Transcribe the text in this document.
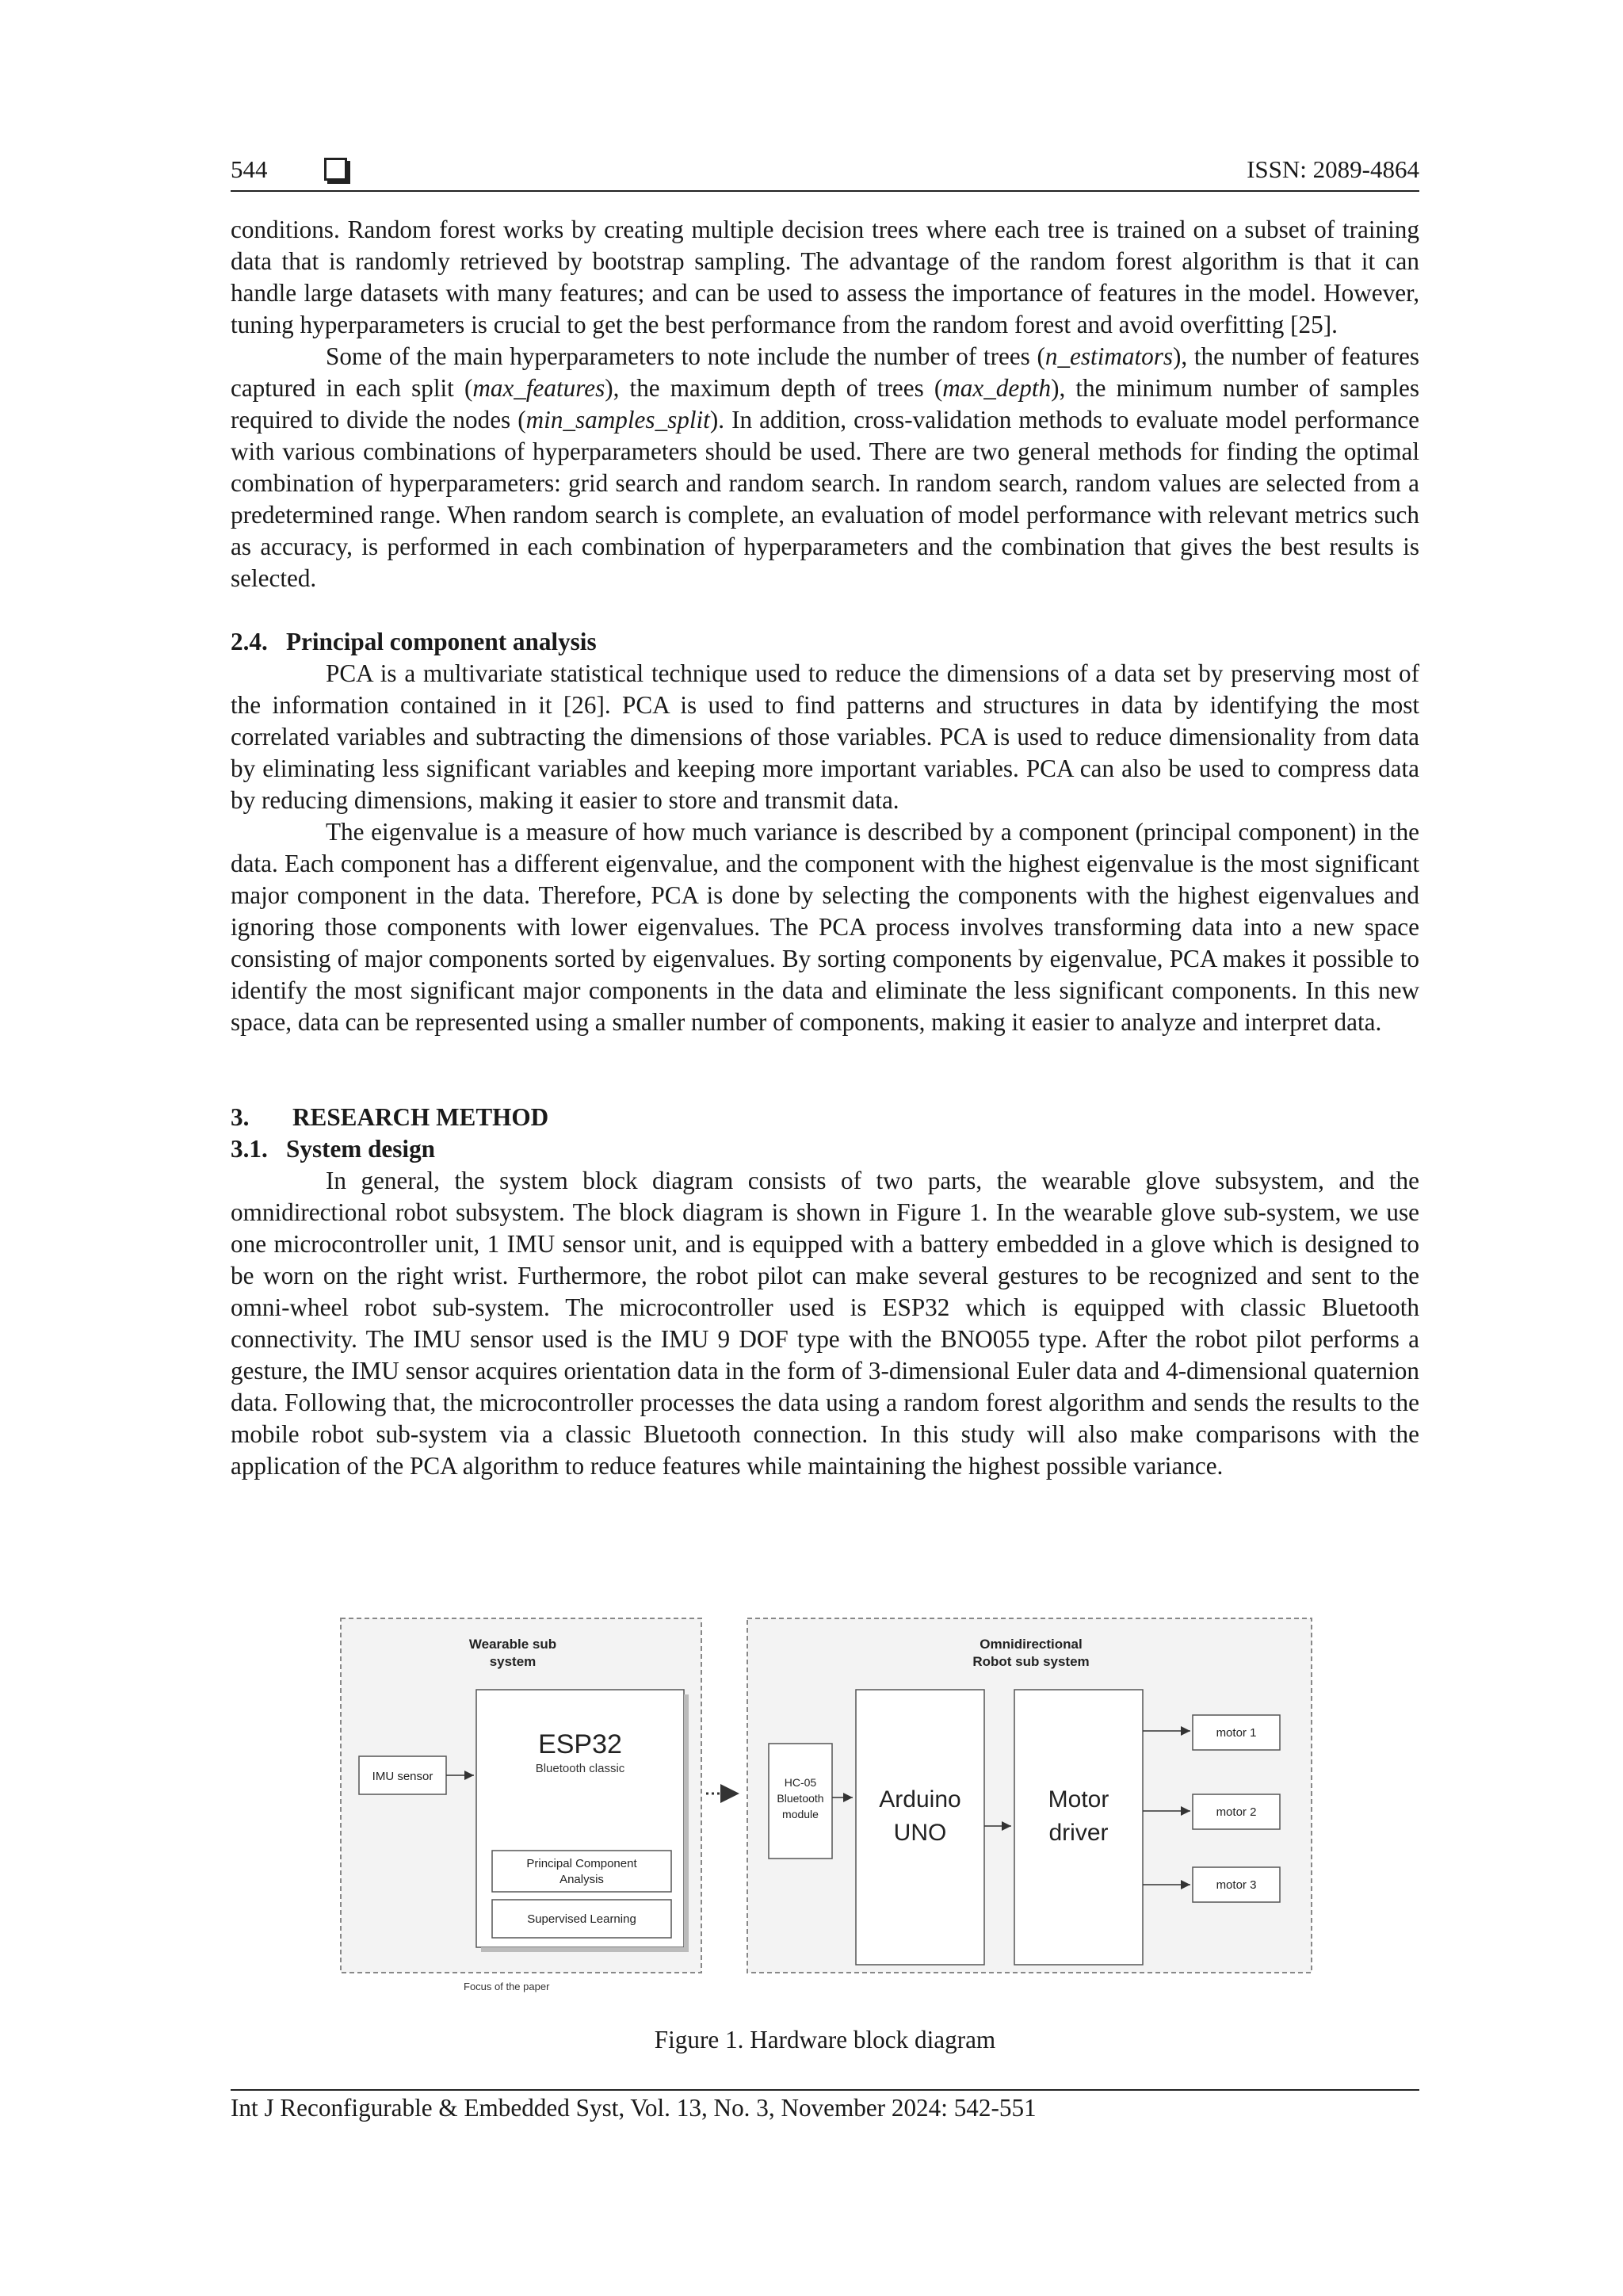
544	ISSN: 2089-4864

conditions. Random forest works by creating multiple decision trees where each tree is trained on a subset of training data that is randomly retrieved by bootstrap sampling. The advantage of the random forest algorithm is that it can handle large datasets with many features; and can be used to assess the importance of features in the model. However, tuning hyperparameters is crucial to get the best performance from the random forest and avoid overfitting [25].

Some of the main hyperparameters to note include the number of trees (n_estimators), the number of features captured in each split (max_features), the maximum depth of trees (max_depth), the minimum number of samples required to divide the nodes (min_samples_split). In addition, cross-validation methods to evaluate model performance with various combinations of hyperparameters should be used. There are two general methods for finding the optimal combination of hyperparameters: grid search and random search. In random search, random values are selected from a predetermined range. When random search is complete, an evaluation of model performance with relevant metrics such as accuracy, is performed in each combination of hyperparameters and the combination that gives the best results is selected.

2.4. Principal component analysis

PCA is a multivariate statistical technique used to reduce the dimensions of a data set by preserving most of the information contained in it [26]. PCA is used to find patterns and structures in data by identifying the most correlated variables and subtracting the dimensions of those variables. PCA is used to reduce dimensionality from data by eliminating less significant variables and keeping more important variables. PCA can also be used to compress data by reducing dimensions, making it easier to store and transmit data.

The eigenvalue is a measure of how much variance is described by a component (principal component) in the data. Each component has a different eigenvalue, and the component with the highest eigenvalue is the most significant major component in the data. Therefore, PCA is done by selecting the components with the highest eigenvalues and ignoring those components with lower eigenvalues. The PCA process involves transforming data into a new space consisting of major components sorted by eigenvalues. By sorting components by eigenvalue, PCA makes it possible to identify the most significant major components in the data and eliminate the less significant components. In this new space, data can be represented using a smaller number of components, making it easier to analyze and interpret data.

3. RESEARCH METHOD

3.1. System design

In general, the system block diagram consists of two parts, the wearable glove subsystem, and the omnidirectional robot subsystem. The block diagram is shown in Figure 1. In the wearable glove sub-system, we use one microcontroller unit, 1 IMU sensor unit, and is equipped with a battery embedded in a glove which is designed to be worn on the right wrist. Furthermore, the robot pilot can make several gestures to be recognized and sent to the omni-wheel robot sub-system. The microcontroller used is ESP32 which is equipped with classic Bluetooth connectivity. The IMU sensor used is the IMU 9 DOF type with the BNO055 type. After the robot pilot performs a gesture, the IMU sensor acquires orientation data in the form of 3-dimensional Euler data and 4-dimensional quaternion data. Following that, the microcontroller processes the data using a random forest algorithm and sends the results to the mobile robot sub-system via a classic Bluetooth connection. In this study will also make comparisons with the application of the PCA algorithm to reduce features while maintaining the highest possible variance.

Wearable sub
system
IMU sensor
ESP32
Bluetooth classic
Principal Component
Analysis
Supervised Learning
Focus of the paper
Omnidirectional
Robot sub system
HC-05
Bluetooth
module
Arduino
UNO
Motor
driver
motor 1
motor 2
motor 3
Figure 1. Hardware block diagram
Int J Reconfigurable & Embedded Syst, Vol. 13, No. 3, November 2024: 542-551
